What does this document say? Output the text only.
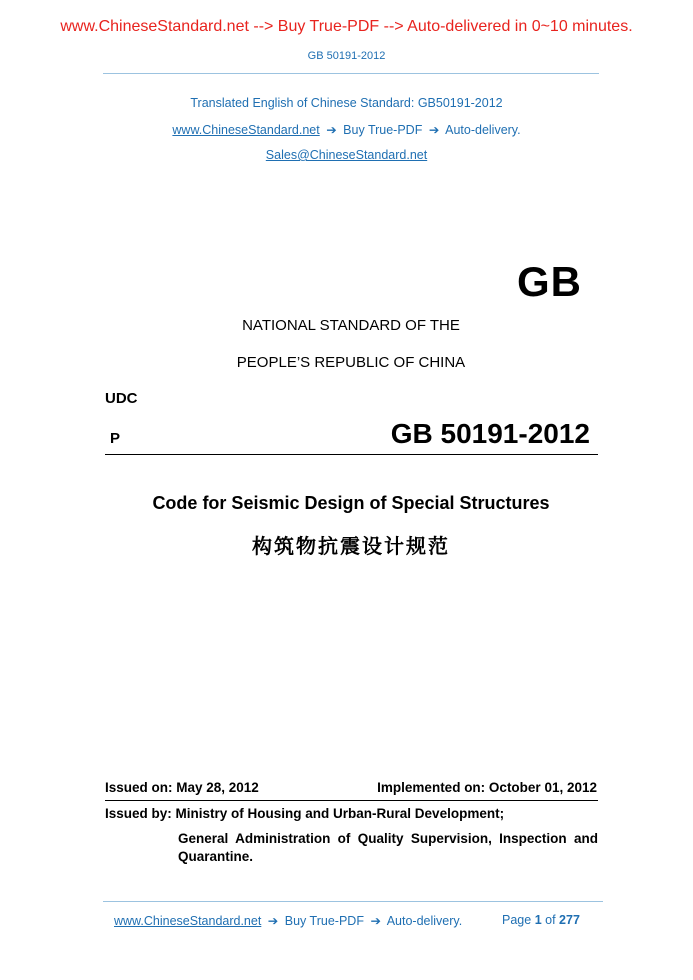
www.ChineseStandard.net --> Buy True-PDF --> Auto-delivered in 0~10 minutes.
GB 50191-2012
Translated English of Chinese Standard: GB50191-2012
www.ChineseStandard.net ➔ Buy True-PDF ➔ Auto-delivery.
Sales@ChineseStandard.net
GB
NATIONAL STANDARD OF THE
PEOPLE’S REPUBLIC OF CHINA
UDC
P	GB 50191-2012
Code for Seismic Design of Special Structures
构筑物抗震设计规范
Issued on: May 28, 2012	Implemented on: October 01, 2012
Issued by: Ministry of Housing and Urban-Rural Development;
General Administration of Quality Supervision, Inspection and Quarantine.
www.ChineseStandard.net ➔ Buy True-PDF ➔ Auto-delivery.	Page 1 of 277
